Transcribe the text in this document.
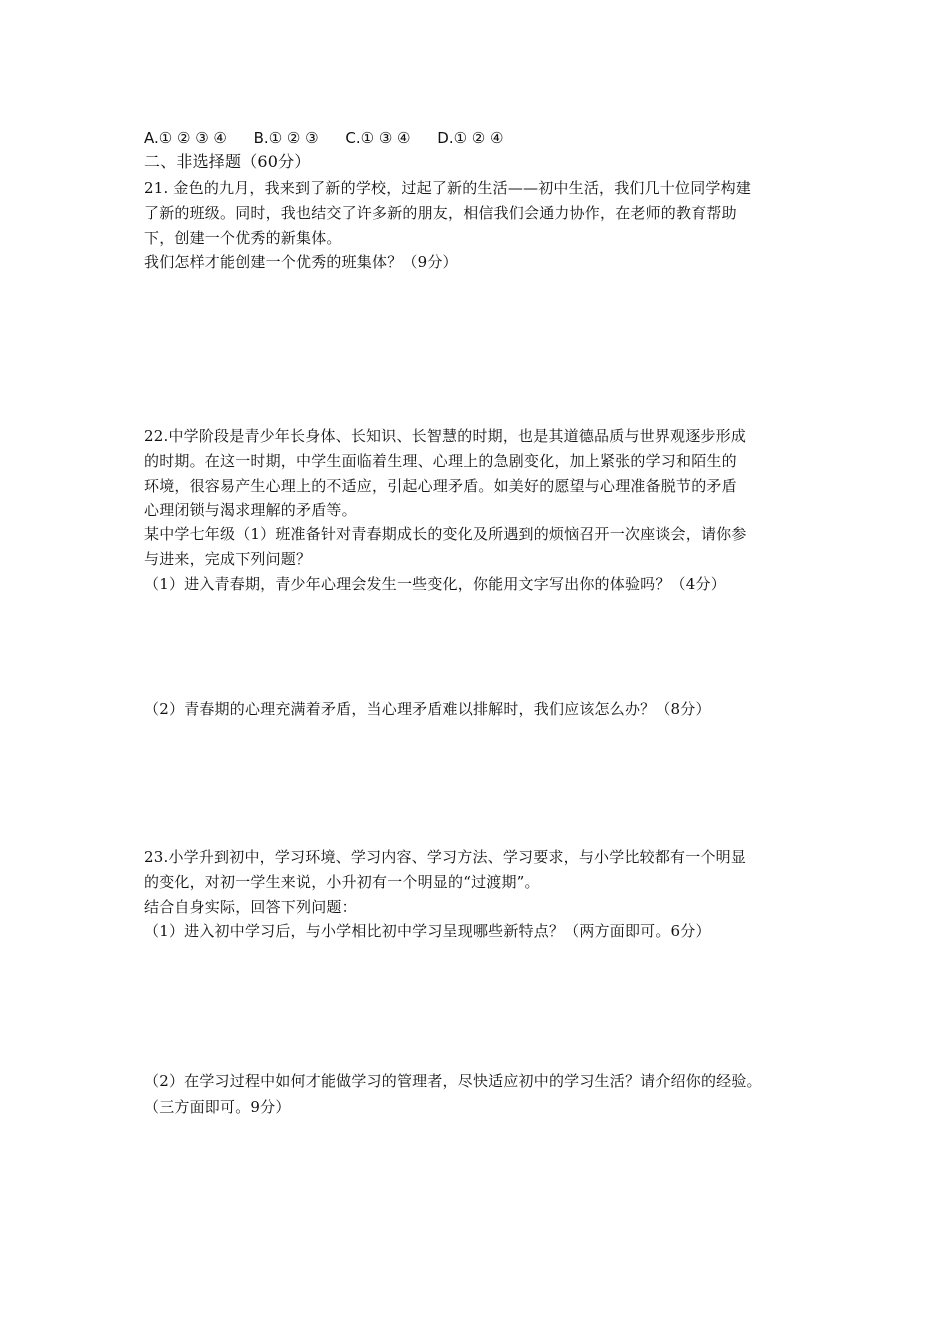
A.① ② ③ ④ B.① ② ③ C.① ③ ④ D.① ② ④
二、非选择题（60分）
21. 金色的九月，我来到了新的学校，过起了新的生活——初中生活，我们几十位同学构建
了新的班级。同时，我也结交了许多新的朋友，相信我们会通力协作，在老师的教育帮助
下，创建一个优秀的新集体。
我们怎样才能创建一个优秀的班集体？（9分）
22.中学阶段是青少年长身体、长知识、长智慧的时期，也是其道德品质与世界观逐步形成
的时期。在这一时期，中学生面临着生理、心理上的急剧变化，加上紧张的学习和陌生的
环境，很容易产生心理上的不适应，引起心理矛盾。如美好的愿望与心理准备脱节的矛盾
心理闭锁与渴求理解的矛盾等。
某中学七年级（1）班准备针对青春期成长的变化及所遇到的烦恼召开一次座谈会，请你参
与进来，完成下列问题？
（1）进入青春期，青少年心理会发生一些变化，你能用文字写出你的体验吗？（4分）
（2）青春期的心理充满着矛盾，当心理矛盾难以排解时，我们应该怎么办？（8分）
23.小学升到初中，学习环境、学习内容、学习方法、学习要求，与小学比较都有一个明显
的变化，对初一学生来说，小升初有一个明显的“过渡期”。
结合自身实际，回答下列问题：
（1）进入初中学习后，与小学相比初中学习呈现哪些新特点？（两方面即可。6分）
（2）在学习过程中如何才能做学习的管理者，尽快适应初中的学习生活？请介绍你的经验。
（三方面即可。9分）
